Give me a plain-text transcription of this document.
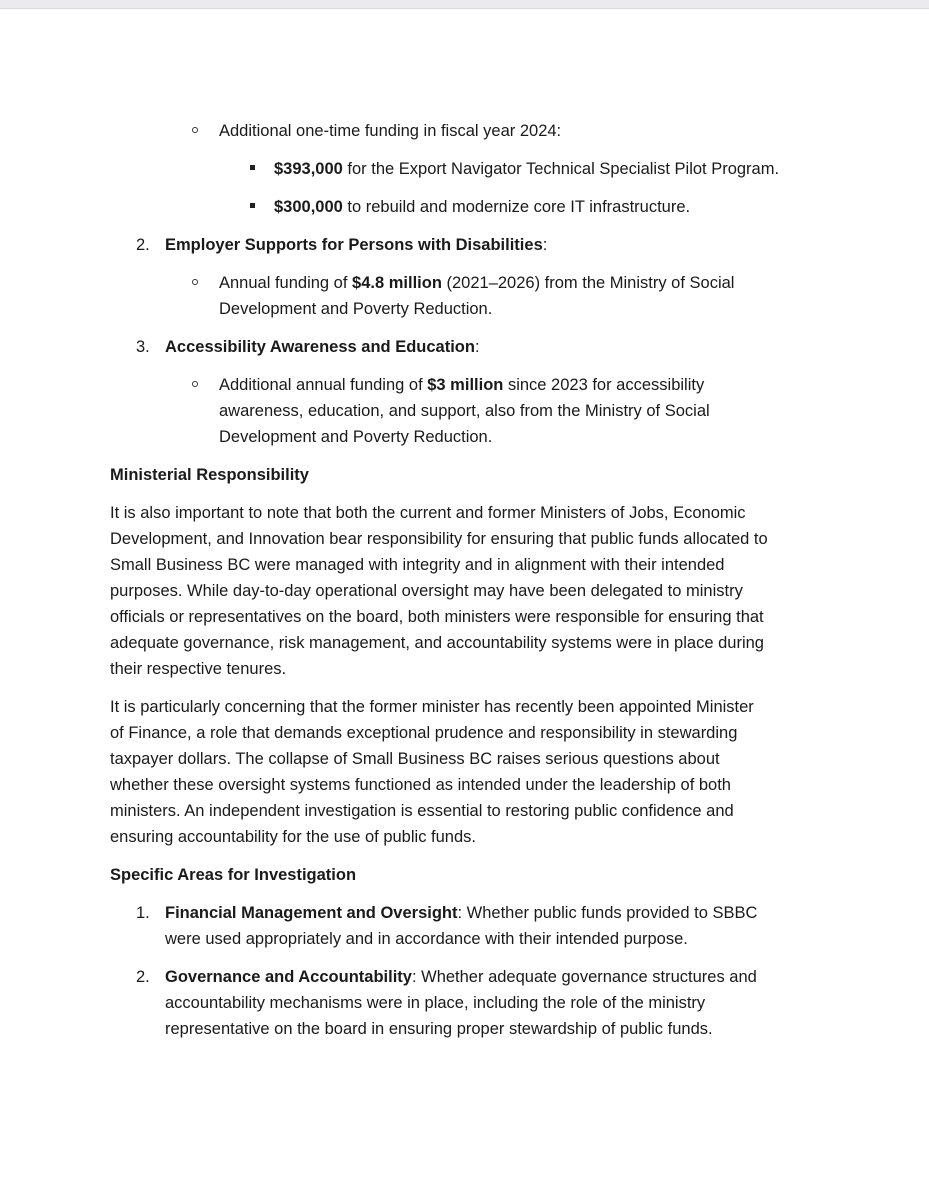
Additional one-time funding in fiscal year 2024:
$393,000 for the Export Navigator Technical Specialist Pilot Program.
$300,000 to rebuild and modernize core IT infrastructure.
2. Employer Supports for Persons with Disabilities:
Annual funding of $4.8 million (2021–2026) from the Ministry of Social
Development and Poverty Reduction.
3. Accessibility Awareness and Education:
Additional annual funding of $3 million since 2023 for accessibility
awareness, education, and support, also from the Ministry of Social
Development and Poverty Reduction.
Ministerial Responsibility
It is also important to note that both the current and former Ministers of Jobs, Economic
Development, and Innovation bear responsibility for ensuring that public funds allocated to
Small Business BC were managed with integrity and in alignment with their intended
purposes. While day-to-day operational oversight may have been delegated to ministry
officials or representatives on the board, both ministers were responsible for ensuring that
adequate governance, risk management, and accountability systems were in place during
their respective tenures.
It is particularly concerning that the former minister has recently been appointed Minister
of Finance, a role that demands exceptional prudence and responsibility in stewarding
taxpayer dollars. The collapse of Small Business BC raises serious questions about
whether these oversight systems functioned as intended under the leadership of both
ministers. An independent investigation is essential to restoring public confidence and
ensuring accountability for the use of public funds.
Specific Areas for Investigation
1. Financial Management and Oversight: Whether public funds provided to SBBC
were used appropriately and in accordance with their intended purpose.
2. Governance and Accountability: Whether adequate governance structures and
accountability mechanisms were in place, including the role of the ministry
representative on the board in ensuring proper stewardship of public funds.
